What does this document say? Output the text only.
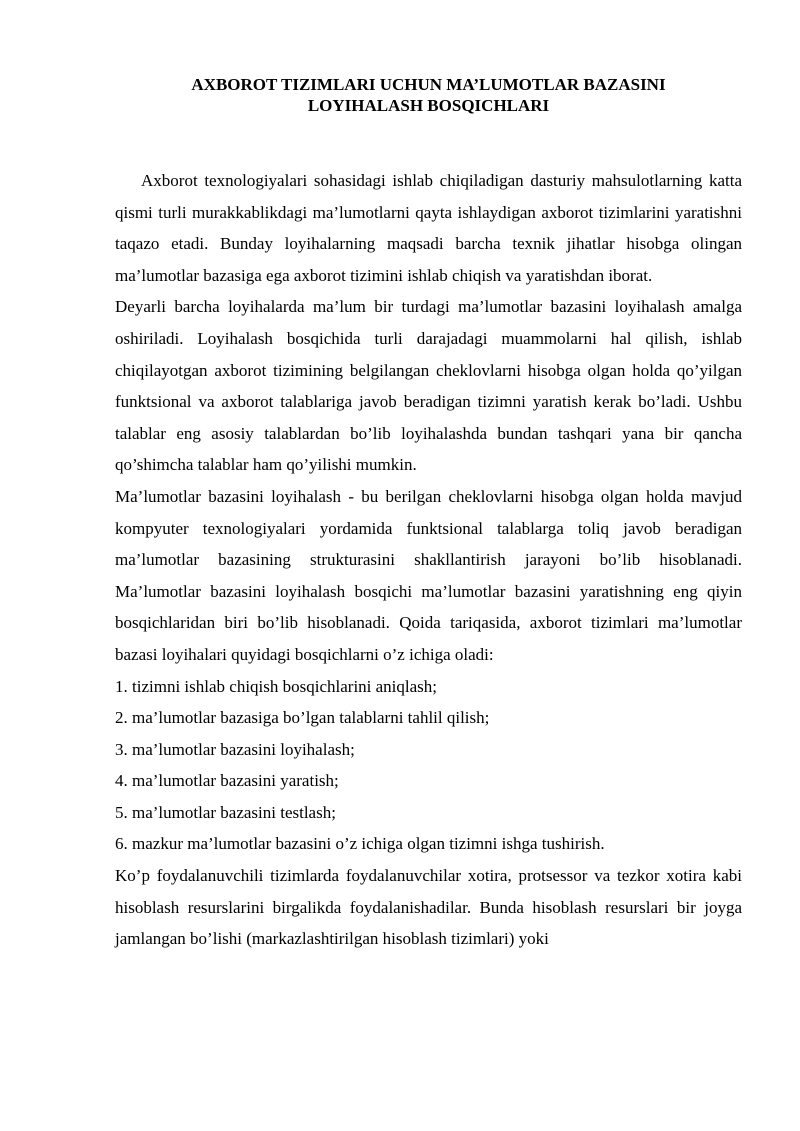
AXBOROT TIZIMLARI UCHUN MA’LUMOTLAR BAZASINI
LOYIHALASH BOSQICHLARI

Axborot texnologiyalari sohasidagi ishlab chiqiladigan dasturiy mahsulotlarning katta qismi turli murakkablikdagi ma’lumotlarni qayta ishlaydigan axborot tizimlarini yaratishni taqazo etadi. Bunday loyihalarning maqsadi barcha texnik jihatlar hisobga olingan ma’lumotlar bazasiga ega axborot tizimini ishlab chiqish va yaratishdan iborat.

Deyarli barcha loyihalarda ma’lum bir turdagi ma’lumotlar bazasini loyihalash amalga oshiriladi. Loyihalash bosqichida turli darajadagi muammolarni hal qilish, ishlab chiqilayotgan axborot tizimining belgilangan cheklovlarni hisobga olgan holda qo’yilgan funktsional va axborot talablariga javob beradigan tizimni yaratish kerak bo’ladi. Ushbu talablar eng asosiy talablardan bo’lib loyihalashda bundan tashqari yana bir qancha qo’shimcha talablar ham qo’yilishi mumkin.

Ma’lumotlar bazasini loyihalash - bu berilgan cheklovlarni hisobga olgan holda mavjud kompyuter texnologiyalari yordamida funktsional talablarga toliq javob beradigan ma’lumotlar bazasining strukturasini shakllantirish jarayoni bo’lib hisoblanadi. Ma’lumotlar bazasini loyihalash bosqichi ma’lumotlar bazasini yaratishning eng qiyin bosqichlaridan biri bo’lib hisoblanadi. Qoida tariqasida, axborot tizimlari ma’lumotlar bazasi loyihalari quyidagi bosqichlarni o’z ichiga oladi:

1. tizimni ishlab chiqish bosqichlarini aniqlash;
2. ma’lumotlar bazasiga bo’lgan talablarni tahlil qilish;
3. ma’lumotlar bazasini loyihalash;
4. ma’lumotlar bazasini yaratish;
5. ma’lumotlar bazasini testlash;
6. mazkur ma’lumotlar bazasini o’z ichiga olgan tizimni ishga tushirish.

Ko’p foydalanuvchili tizimlarda foydalanuvchilar xotira, protsessor va tezkor xotira kabi hisoblash resurslarini birgalikda foydalanishadilar. Bunda hisoblash resurslari bir joyga jamlangan bo’lishi (markazlashtirilgan hisoblash tizimlari) yoki
